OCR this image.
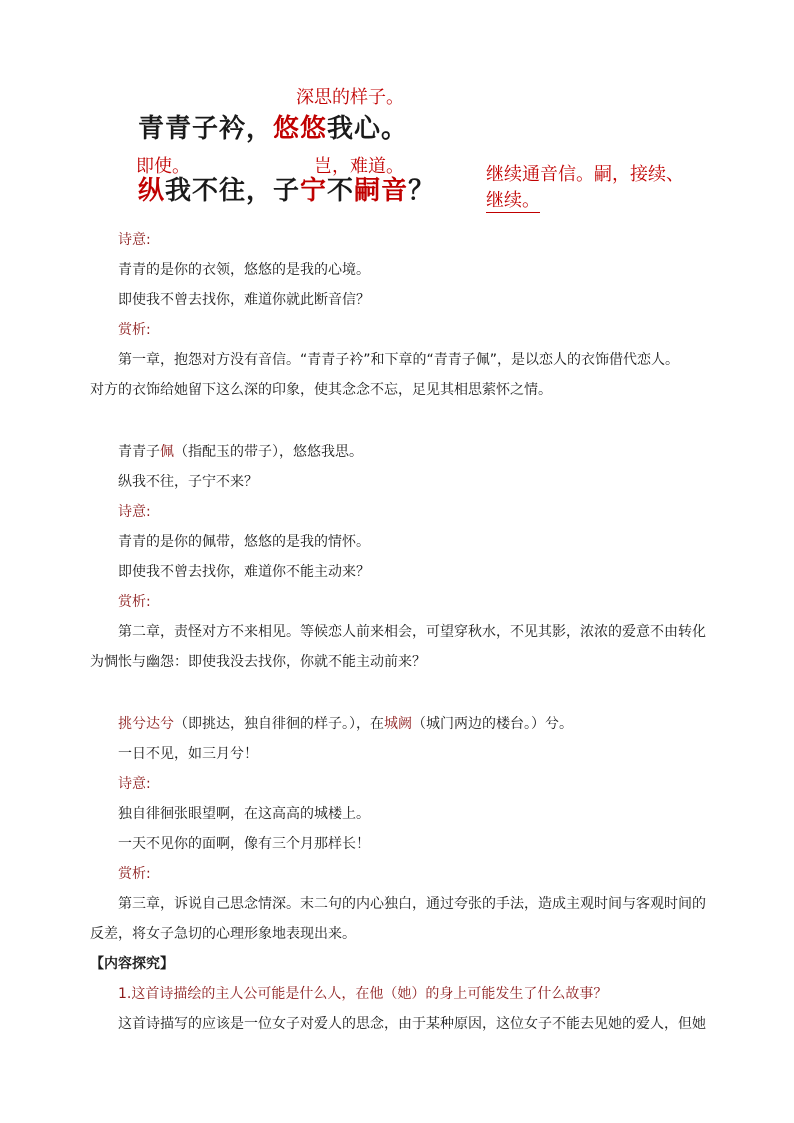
深思的样子。
青青子衿，悠悠我心。
即使。	岂，难道。
纵我不往，子宁不嗣音？
继续通音信。嗣，接续、
继续。

诗意:

青青的是你的衣领，悠悠的是我的心境。

即使我不曾去找你，难道你就此断音信？

赏析:

第一章，抱怨对方没有音信。“青青子衿”和下章的“青青子佩”，是以恋人的衣饰借代恋人。

对方的衣饰给她留下这么深的印象，使其念念不忘，足见其相思萦怀之情。

青青子佩（指配玉的带子），悠悠我思。

纵我不往，子宁不来？

诗意:

青青的是你的佩带，悠悠的是我的情怀。

即使我不曾去找你，难道你不能主动来？

赏析:

第二章，责怪对方不来相见。等候恋人前来相会，可望穿秋水，不见其影，浓浓的爱意不由转化

为惆怅与幽怨：即使我没去找你，你就不能主动前来？

挑兮达兮（即挑达，独自徘徊的样子。），在城阙（城门两边的楼台。）兮。

一日不见，如三月兮！

诗意:

独自徘徊张眼望啊，在这高高的城楼上。

一天不见你的面啊，像有三个月那样长！

赏析:

第三章，诉说自己思念情深。末二句的内心独白，通过夸张的手法，造成主观时间与客观时间的

反差，将女子急切的心理形象地表现出来。

【内容探究】

1.这首诗描绘的主人公可能是什么人，在他（她）的身上可能发生了什么故事？

这首诗描写的应该是一位女子对爱人的思念，由于某种原因，这位女子不能去见她的爱人，但她
